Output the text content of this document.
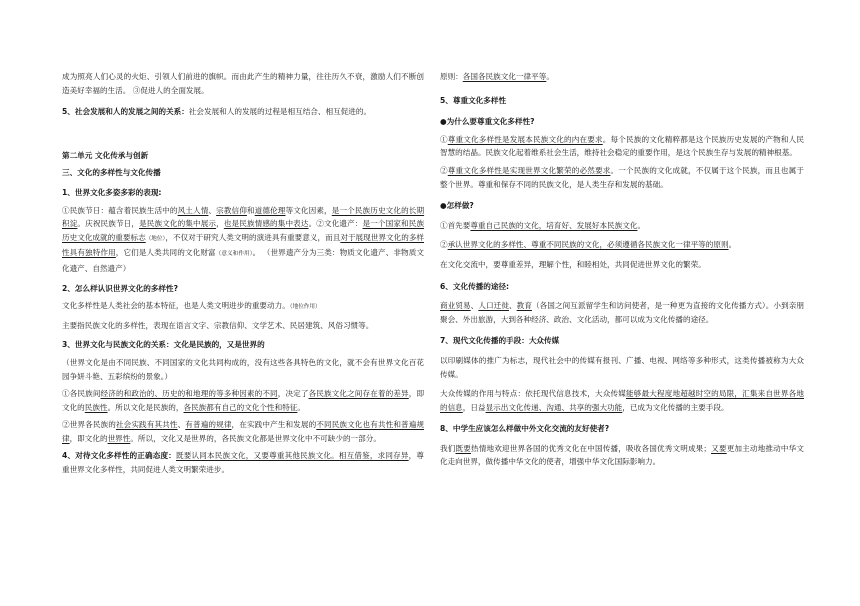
成为照亮人们心灵的火炬、引领人们前进的旗帜。而由此产生的精神力量，往往历久不衰，激励人们不断创造美好幸福的生活。 ③促进人的全面发展。

5、社会发展和人的发展之间的关系：社会发展和人的发展的过程是相互结合、相互促进的。

第二单元 文化传承与创新

三、文化的多样性与文化传播

1、世界文化多姿多彩的表现:

①民族节日：蕴含着民族生活中的风土人情、宗教信仰和道德伦理等文化因素，是一个民族历史文化的长期积淀。庆祝民族节日，是民族文化的集中展示，也是民族情感的集中表达。②文化遗产：是一个国家和民族历史文化成就的重要标志（地位），不仅对于研究人类文明的演进具有重要意义，而且对于展现世界文化的多样性具有独特作用，它们是人类共同的文化财富（意义和作用）。 （世界遗产分为三类：物质文化遗产、非物质文化遗产、自然遗产）

2、怎么样认识世界文化的多样性?

文化多样性是人类社会的基本特征，也是人类文明进步的重要动力。（地位作用）

主要指民族文化的多样性，表现在语言文字、宗教信仰、文学艺术、民居建筑、风俗习惯等。

3、世界文化与民族文化的关系：文化是民族的，又是世界的

（世界文化是由不同民族、不同国家的文化共同构成的，没有这些各具特色的文化，就不会有世界文化百花园争妍斗艳、五彩缤纷的景象。）

①各民族间经济的和政治的、历史的和地理的等多种因素的不同，决定了各民族文化之间存在着的差异，即文化的民族性。所以文化是民族的，各民族都有自己的文化个性和特征。

②世界各民族的社会实践有其共性、有普遍的规律，在实践中产生和发展的不同民族文化也有共性和普遍规律，即文化的世界性。所以，文化又是世界的，各民族文化都是世界文化中不可缺少的一部分。

4、对待文化多样性的正确态度：既要认同本民族文化，又要尊重其他民族文化。相互借鉴，求同存异，尊重世界文化多样性，共同促进人类文明繁荣进步。

原则：各国各民族文化一律平等。

5、尊重文化多样性

●为什么要尊重文化多样性?

①尊重文化多样性是发展本民族文化的内在要求。每个民族的文化精粹都是这个民族历史发展的产物和人民智慧的结晶。民族文化起着维系社会生活，维持社会稳定的重要作用，是这个民族生存与发展的精神根基。

②尊重文化多样性是实现世界文化繁荣的必然要求。一个民族的文化成就，不仅属于这个民族，而且也属于整个世界。尊重和保存不同的民族文化，是人类生存和发展的基础。

●怎样做?

①首先要尊重自己民族的文化，培育好、发展好本民族文化。

②承认世界文化的多样性、尊重不同民族的文化，必须遵循各民族文化一律平等的原则。

在文化交流中，要尊重差异，理解个性，和睦相处，共同促进世界文化的繁荣。

6、文化传播的途径:

商业贸易、人口迁徙、教育（各国之间互派留学生和访问使者，是一种更为直接的文化传播方式）。小到亲朋聚会、外出旅游，大到各种经济、政治、文化活动，都可以成为文化传播的途径。

7、现代文化传播的手段：大众传媒

以印刷媒体的推广为标志，现代社会中的传媒有报刊、广播、电视、网络等多种形式，这类传播被称为大众传媒。

大众传媒的作用与特点：依托现代信息技术，大众传媒能够最大程度地超越时空的局限，汇集来自世界各地的信息，日益显示出文化传递、沟通、共享的强大功能，已成为文化传播的主要手段。

8、中学生应该怎么样做中外文化交流的友好使者?

我们既要热情地欢迎世界各国的优秀文化在中国传播，吸收各国优秀文明成果；又要更加主动地推动中华文化走向世界，做传播中华文化的使者，增强中华文化国际影响力。
